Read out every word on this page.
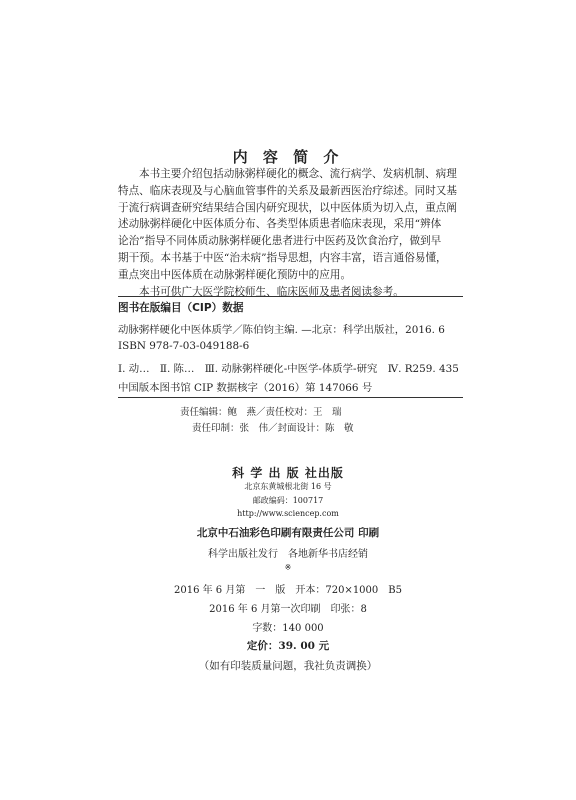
内 容 简 介
本书主要介绍包括动脉粥样硬化的概念、流行病学、发病机制、病理
特点、临床表现及与心脑血管事件的关系及最新西医治疗综述。同时又基
于流行病调查研究结果结合国内研究现状，以中医体质为切入点，重点阐
述动脉粥样硬化中医体质分布、各类型体质患者临床表现，采用“辨体
论治”指导不同体质动脉粥样硬化患者进行中医药及饮食治疗，做到早
期干预。本书基于中医“治未病”指导思想，内容丰富，语言通俗易懂，
重点突出中医体质在动脉粥样硬化预防中的应用。
本书可供广大医学院校师生、临床医师及患者阅读参考。
图书在版编目（CIP）数据
动脉粥样硬化中医体质学／陈伯钧主编. —北京：科学出版社，2016. 6
ISBN 978-7-03-049188-6
Ⅰ. 动…　Ⅱ. 陈…　Ⅲ. 动脉粥样硬化-中医学-体质学-研究　Ⅳ. R259. 435
中国版本图书馆 CIP 数据核字（2016）第 147066 号
责任编辑：鲍　燕／责任校对：王　瑞
责任印制：张　伟／封面设计：陈　敬
科 学 出 版 社出版
北京东黄城根北街 16 号
邮政编码：100717
http://www.sciencep.com
北京中石油彩色印刷有限责任公司 印刷
科学出版社发行　各地新华书店经销
※
2016 年 6 月第　一　版　开本：720×1000　B5
2016 年 6 月第一次印刷　印张：8
字数：140 000
定价：39. 00 元
（如有印装质量问题，我社负责调换）
